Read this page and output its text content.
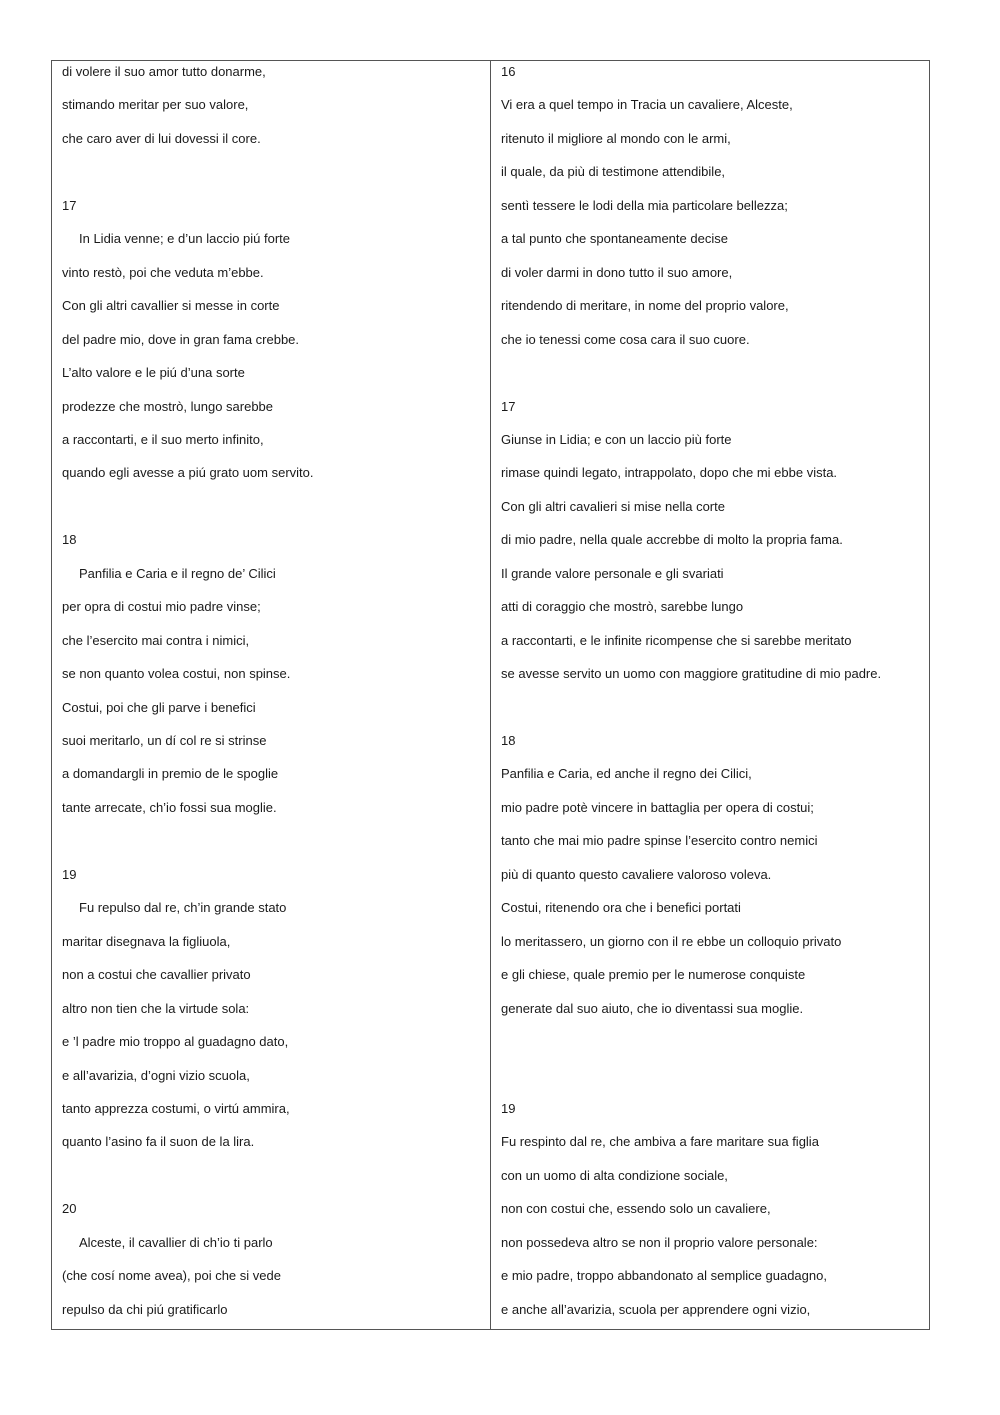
di volere il suo amor tutto donarme,
stimando meritar per suo valore,
che caro aver di lui dovessi il core.
17
In Lidia venne; e d’un laccio piú forte
vinto restò, poi che veduta m’ebbe.
Con gli altri cavallier si messe in corte
del padre mio, dove in gran fama crebbe.
L’alto valore e le piú d’una sorte
prodezze che mostrò, lungo sarebbe
a raccontarti, e il suo merto infinito,
quando egli avesse a piú grato uom servito.
18
Panfilia e Caria e il regno de’ Cilici
per opra di costui mio padre vinse;
che l’esercito mai contra i nimici,
se non quanto volea costui, non spinse.
Costui, poi che gli parve i benefici
suoi meritarlo, un dí col re si strinse
a domandargli in premio de le spoglie
tante arrecate, ch’io fossi sua moglie.
19
Fu repulso dal re, ch’in grande stato
maritar disegnava la figliuola,
non a costui che cavallier privato
altro non tien che la virtude sola:
e ’l padre mio troppo al guadagno dato,
e all’avarizia, d’ogni vizio scuola,
tanto apprezza costumi, o virtú ammira,
quanto l’asino fa il suon de la lira.
20
Alceste, il cavallier di ch’io ti parlo
(che cosí nome avea), poi che si vede
repulso da chi piú gratificarlo
16
Vi era a quel tempo in Tracia un cavaliere, Alceste,
ritenuto il migliore al mondo con le armi,
il quale, da più di testimone attendibile,
sentì tessere le lodi della mia particolare bellezza;
a tal punto che spontaneamente decise
di voler darmi in dono tutto il suo amore,
ritendendo di meritare, in nome del proprio valore,
che io tenessi come cosa cara il suo cuore.
17
Giunse in Lidia; e con un laccio più forte
rimase quindi legato, intrappolato, dopo che mi ebbe vista.
Con gli altri cavalieri si mise nella corte
di mio padre, nella quale accrebbe di molto la propria fama.
Il grande valore personale e gli svariati
atti di coraggio che mostrò, sarebbe lungo
a raccontarti, e le infinite ricompense che si sarebbe meritato
se avesse servito un uomo con maggiore gratitudine di mio padre.
18
Panfilia e Caria, ed anche il regno dei Cilici,
mio padre potè vincere in battaglia per opera di costui;
tanto che mai mio padre spinse l’esercito contro nemici
più di quanto questo cavaliere valoroso voleva.
Costui, ritenendo ora che i benefici portati
lo meritassero, un giorno con il re ebbe un colloquio privato
e gli chiese, quale premio per le numerose conquiste
generate dal suo aiuto, che io diventassi sua moglie.
19
Fu respinto dal re, che ambiva a fare maritare sua figlia
con un uomo di alta condizione sociale,
non con costui che, essendo solo un cavaliere,
non possedeva altro se non il proprio valore personale:
e mio padre, troppo abbandonato al semplice guadagno,
e anche all’avarizia, scuola per apprendere ogni vizio,
